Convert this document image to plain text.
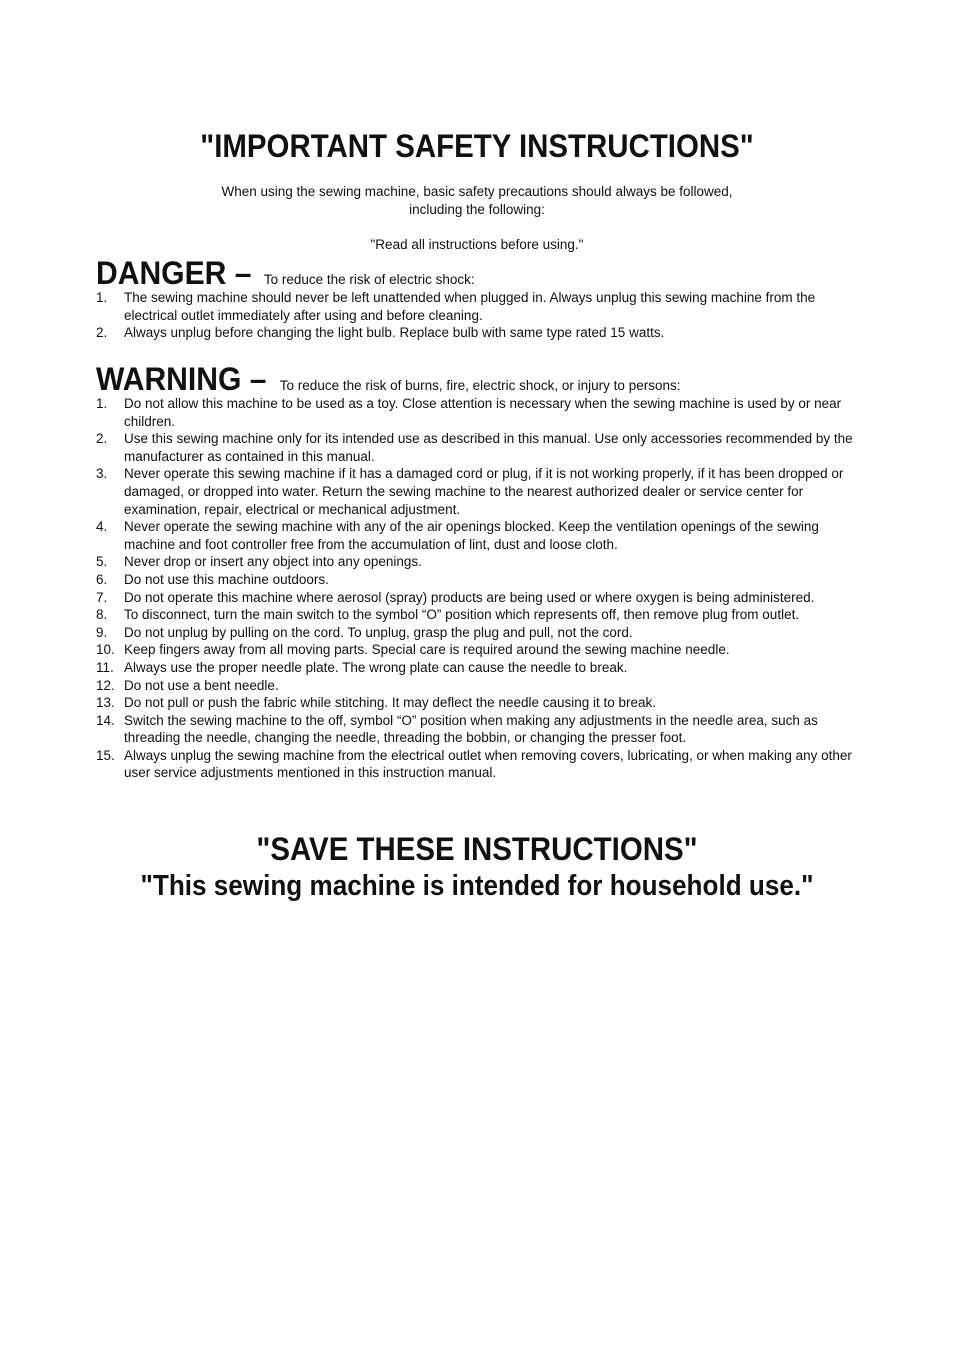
"IMPORTANT SAFETY INSTRUCTIONS"
When using the sewing machine, basic safety precautions should always be followed,
including the following:
"Read all instructions before using."
DANGER – To reduce the risk of electric shock:
1. The sewing machine should never be left unattended when plugged in. Always unplug this sewing machine from the electrical outlet immediately after using and before cleaning.
2. Always unplug before changing the light bulb. Replace bulb with same type rated 15 watts.
WARNING – To reduce the risk of burns, fire, electric shock, or injury to persons:
1. Do not allow this machine to be used as a toy. Close attention is necessary when the sewing machine is used by or near children.
2. Use this sewing machine only for its intended use as described in this manual. Use only accessories recommended by the manufacturer as contained in this manual.
3. Never operate this sewing machine if it has a damaged cord or plug, if it is not working properly, if it has been dropped or damaged, or dropped into water. Return the sewing machine to the nearest authorized dealer or service center for examination, repair, electrical or mechanical adjustment.
4. Never operate the sewing machine with any of the air openings blocked. Keep the ventilation openings of the sewing machine and foot controller free from the accumulation of lint, dust and loose cloth.
5. Never drop or insert any object into any openings.
6. Do not use this machine outdoors.
7. Do not operate this machine where aerosol (spray) products are being used or where oxygen is being administered.
8. To disconnect, turn the main switch to the symbol “O” position which represents off, then remove plug from outlet.
9. Do not unplug by pulling on the cord. To unplug, grasp the plug and pull, not the cord.
10. Keep fingers away from all moving parts. Special care is required around the sewing machine needle.
11. Always use the proper needle plate. The wrong plate can cause the needle to break.
12. Do not use a bent needle.
13. Do not pull or push the fabric while stitching. It may deflect the needle causing it to break.
14. Switch the sewing machine to the off, symbol “O” position when making any adjustments in the needle area, such as threading the needle, changing the needle, threading the bobbin, or changing the presser foot.
15. Always unplug the sewing machine from the electrical outlet when removing covers, lubricating, or when making any other user service adjustments mentioned in this instruction manual.
"SAVE THESE INSTRUCTIONS"
"This sewing machine is intended for household use."
